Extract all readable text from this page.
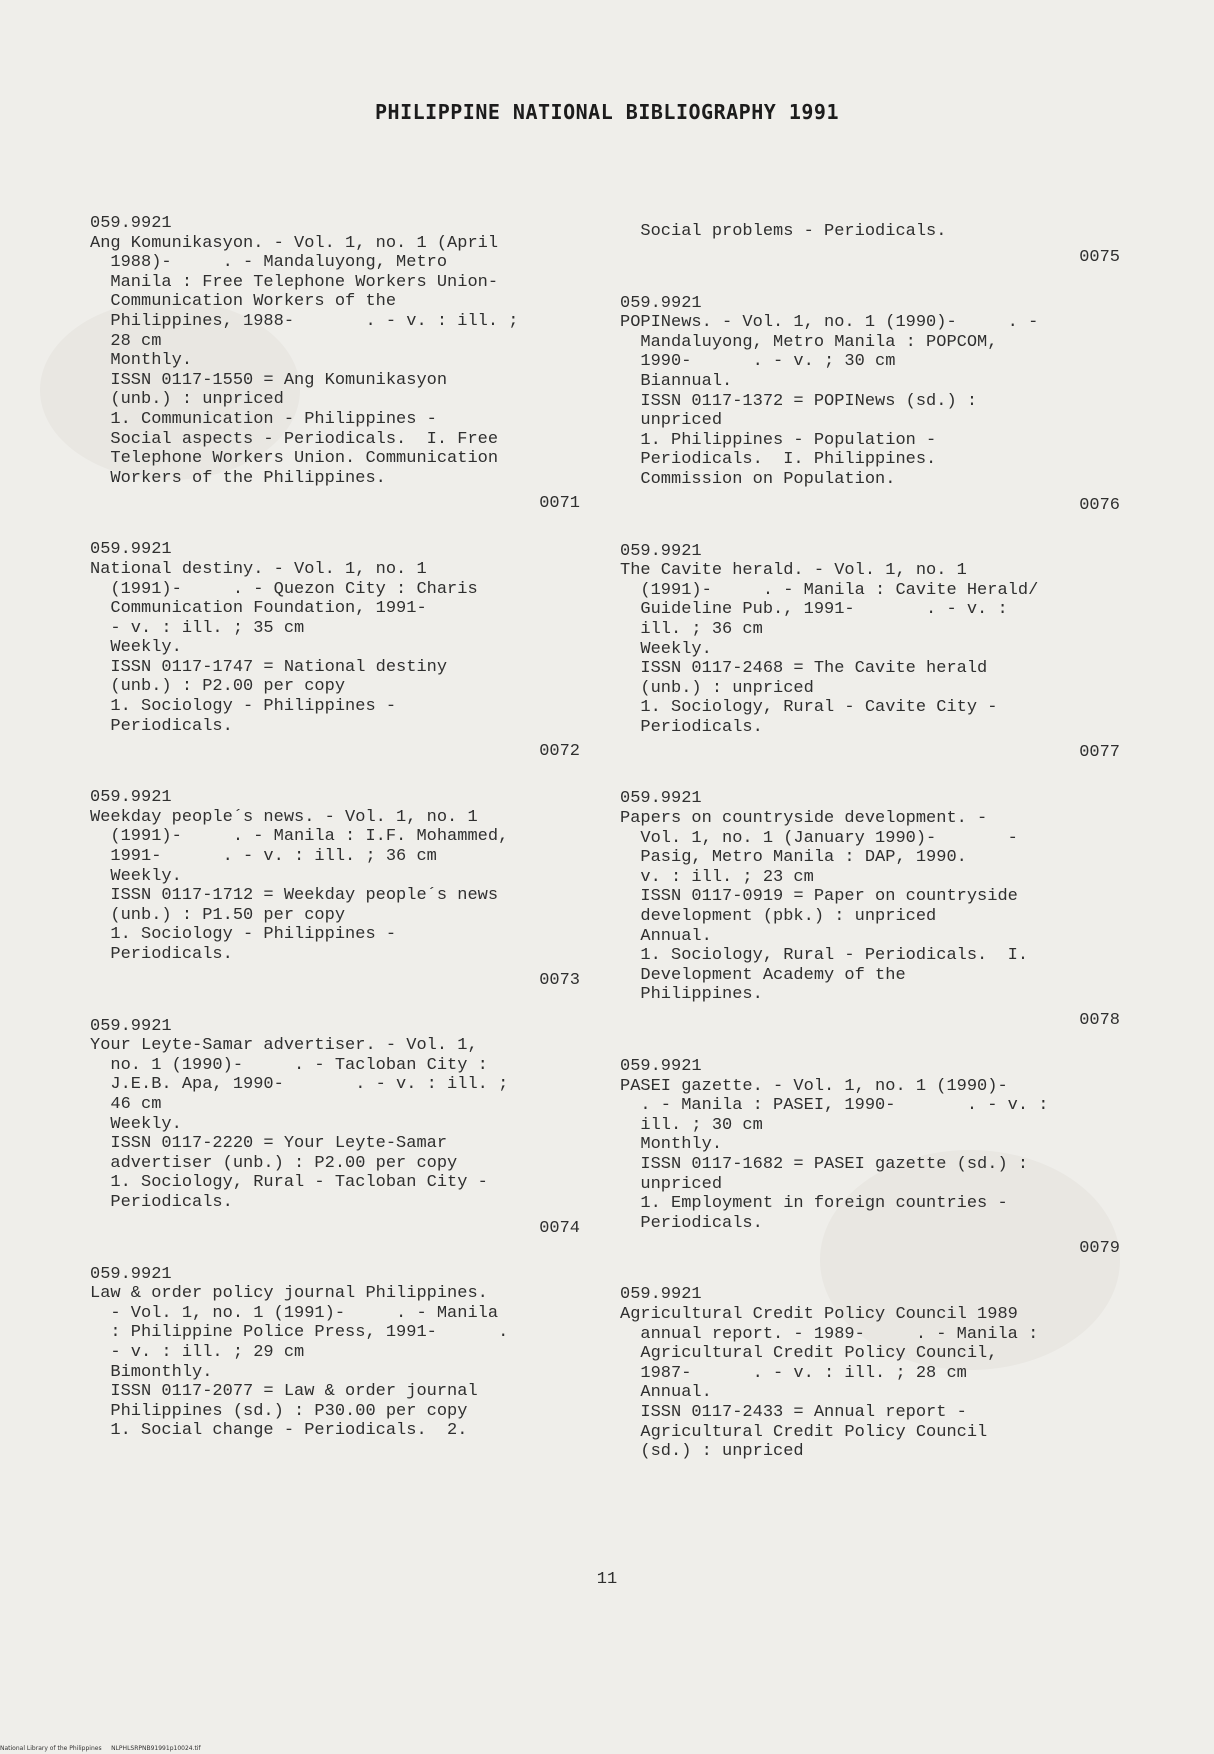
PHILIPPINE NATIONAL BIBLIOGRAPHY 1991
059.9921
Ang Komunikasyon. - Vol. 1, no. 1 (April
1988)-     . - Mandaluyong, Metro
Manila : Free Telephone Workers Union-
Communication Workers of the
Philippines, 1988-       . - v. : ill. ;
28 cm
Monthly.
ISSN 0117-1550 = Ang Komunikasyon
(unb.) : unpriced
1. Communication - Philippines -
Social aspects - Periodicals.  I. Free
Telephone Workers Union. Communication
Workers of the Philippines.
0071
059.9921
National destiny. - Vol. 1, no. 1
(1991)-     . - Quezon City : Charis
Communication Foundation, 1991-
- v. : ill. ; 35 cm
Weekly.
ISSN 0117-1747 = National destiny
(unb.) : P2.00 per copy
1. Sociology - Philippines -
Periodicals.
0072
059.9921
Weekday people´s news. - Vol. 1, no. 1
(1991)-     . - Manila : I.F. Mohammed,
1991-      . - v. : ill. ; 36 cm
Weekly.
ISSN 0117-1712 = Weekday people´s news
(unb.) : P1.50 per copy
1. Sociology - Philippines -
Periodicals.
0073
059.9921
Your Leyte-Samar advertiser. - Vol. 1,
no. 1 (1990)-     . - Tacloban City :
J.E.B. Apa, 1990-       . - v. : ill. ;
46 cm
Weekly.
ISSN 0117-2220 = Your Leyte-Samar
advertiser (unb.) : P2.00 per copy
1. Sociology, Rural - Tacloban City -
Periodicals.
0074
059.9921
Law & order policy journal Philippines.
- Vol. 1, no. 1 (1991)-     . - Manila
: Philippine Police Press, 1991-      .
- v. : ill. ; 29 cm
Bimonthly.
ISSN 0117-2077 = Law & order journal
Philippines (sd.) : P30.00 per copy
1. Social change - Periodicals.  2.
Social problems - Periodicals.
0075
059.9921
POPINews. - Vol. 1, no. 1 (1990)-     . -
Mandaluyong, Metro Manila : POPCOM,
1990-      . - v. ; 30 cm
Biannual.
ISSN 0117-1372 = POPINews (sd.) :
unpriced
1. Philippines - Population -
Periodicals.  I. Philippines.
Commission on Population.
0076
059.9921
The Cavite herald. - Vol. 1, no. 1
(1991)-     . - Manila : Cavite Herald/
Guideline Pub., 1991-       . - v. :
ill. ; 36 cm
Weekly.
ISSN 0117-2468 = The Cavite herald
(unb.) : unpriced
1. Sociology, Rural - Cavite City -
Periodicals.
0077
059.9921
Papers on countryside development. -
Vol. 1, no. 1 (January 1990)-       -
Pasig, Metro Manila : DAP, 1990.
v. : ill. ; 23 cm
ISSN 0117-0919 = Paper on countryside
development (pbk.) : unpriced
Annual.
1. Sociology, Rural - Periodicals.  I.
Development Academy of the
Philippines.
0078
059.9921
PASEI gazette. - Vol. 1, no. 1 (1990)-
. - Manila : PASEI, 1990-       . - v. :
ill. ; 30 cm
Monthly.
ISSN 0117-1682 = PASEI gazette (sd.) :
unpriced
1. Employment in foreign countries -
Periodicals.
0079
059.9921
Agricultural Credit Policy Council 1989
annual report. - 1989-     . - Manila :
Agricultural Credit Policy Council,
1987-      . - v. : ill. ; 28 cm
Annual.
ISSN 0117-2433 = Annual report -
Agricultural Credit Policy Council
(sd.) : unpriced
11
National Library of the Philippines     NLPHLSRPNB91991p10024.tif
